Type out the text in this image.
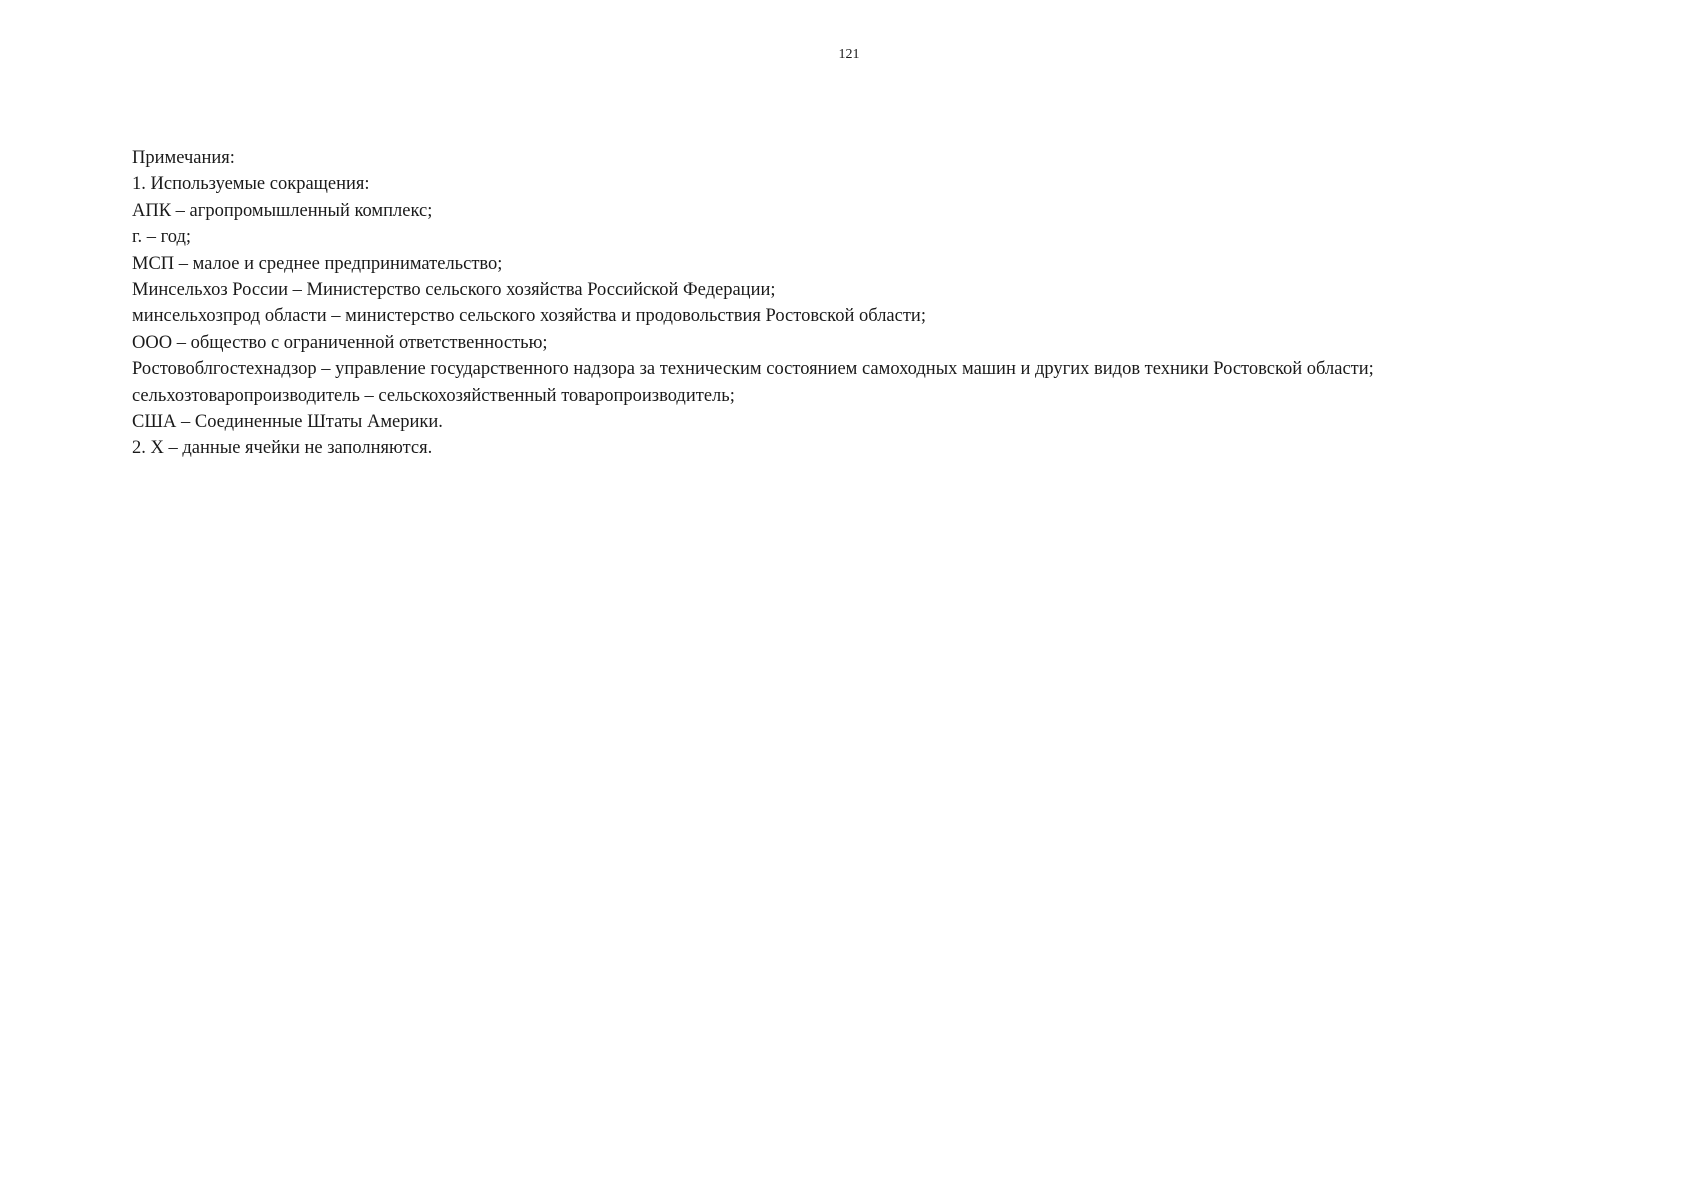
121
Примечания:
1. Используемые сокращения:
АПК – агропромышленный комплекс;
г. – год;
МСП – малое и среднее предпринимательство;
Минсельхоз России – Министерство сельского хозяйства Российской Федерации;
минсельхозпрод области – министерство сельского хозяйства и продовольствия Ростовской области;
ООО – общество с ограниченной ответственностью;
Ростовоблгостехнадзор – управление государственного надзора за техническим состоянием самоходных машин и других видов техники Ростовской области;
сельхозтоваропроизводитель – сельскохозяйственный товаропроизводитель;
США – Соединенные Штаты Америки.
2. Х – данные ячейки не заполняются.
